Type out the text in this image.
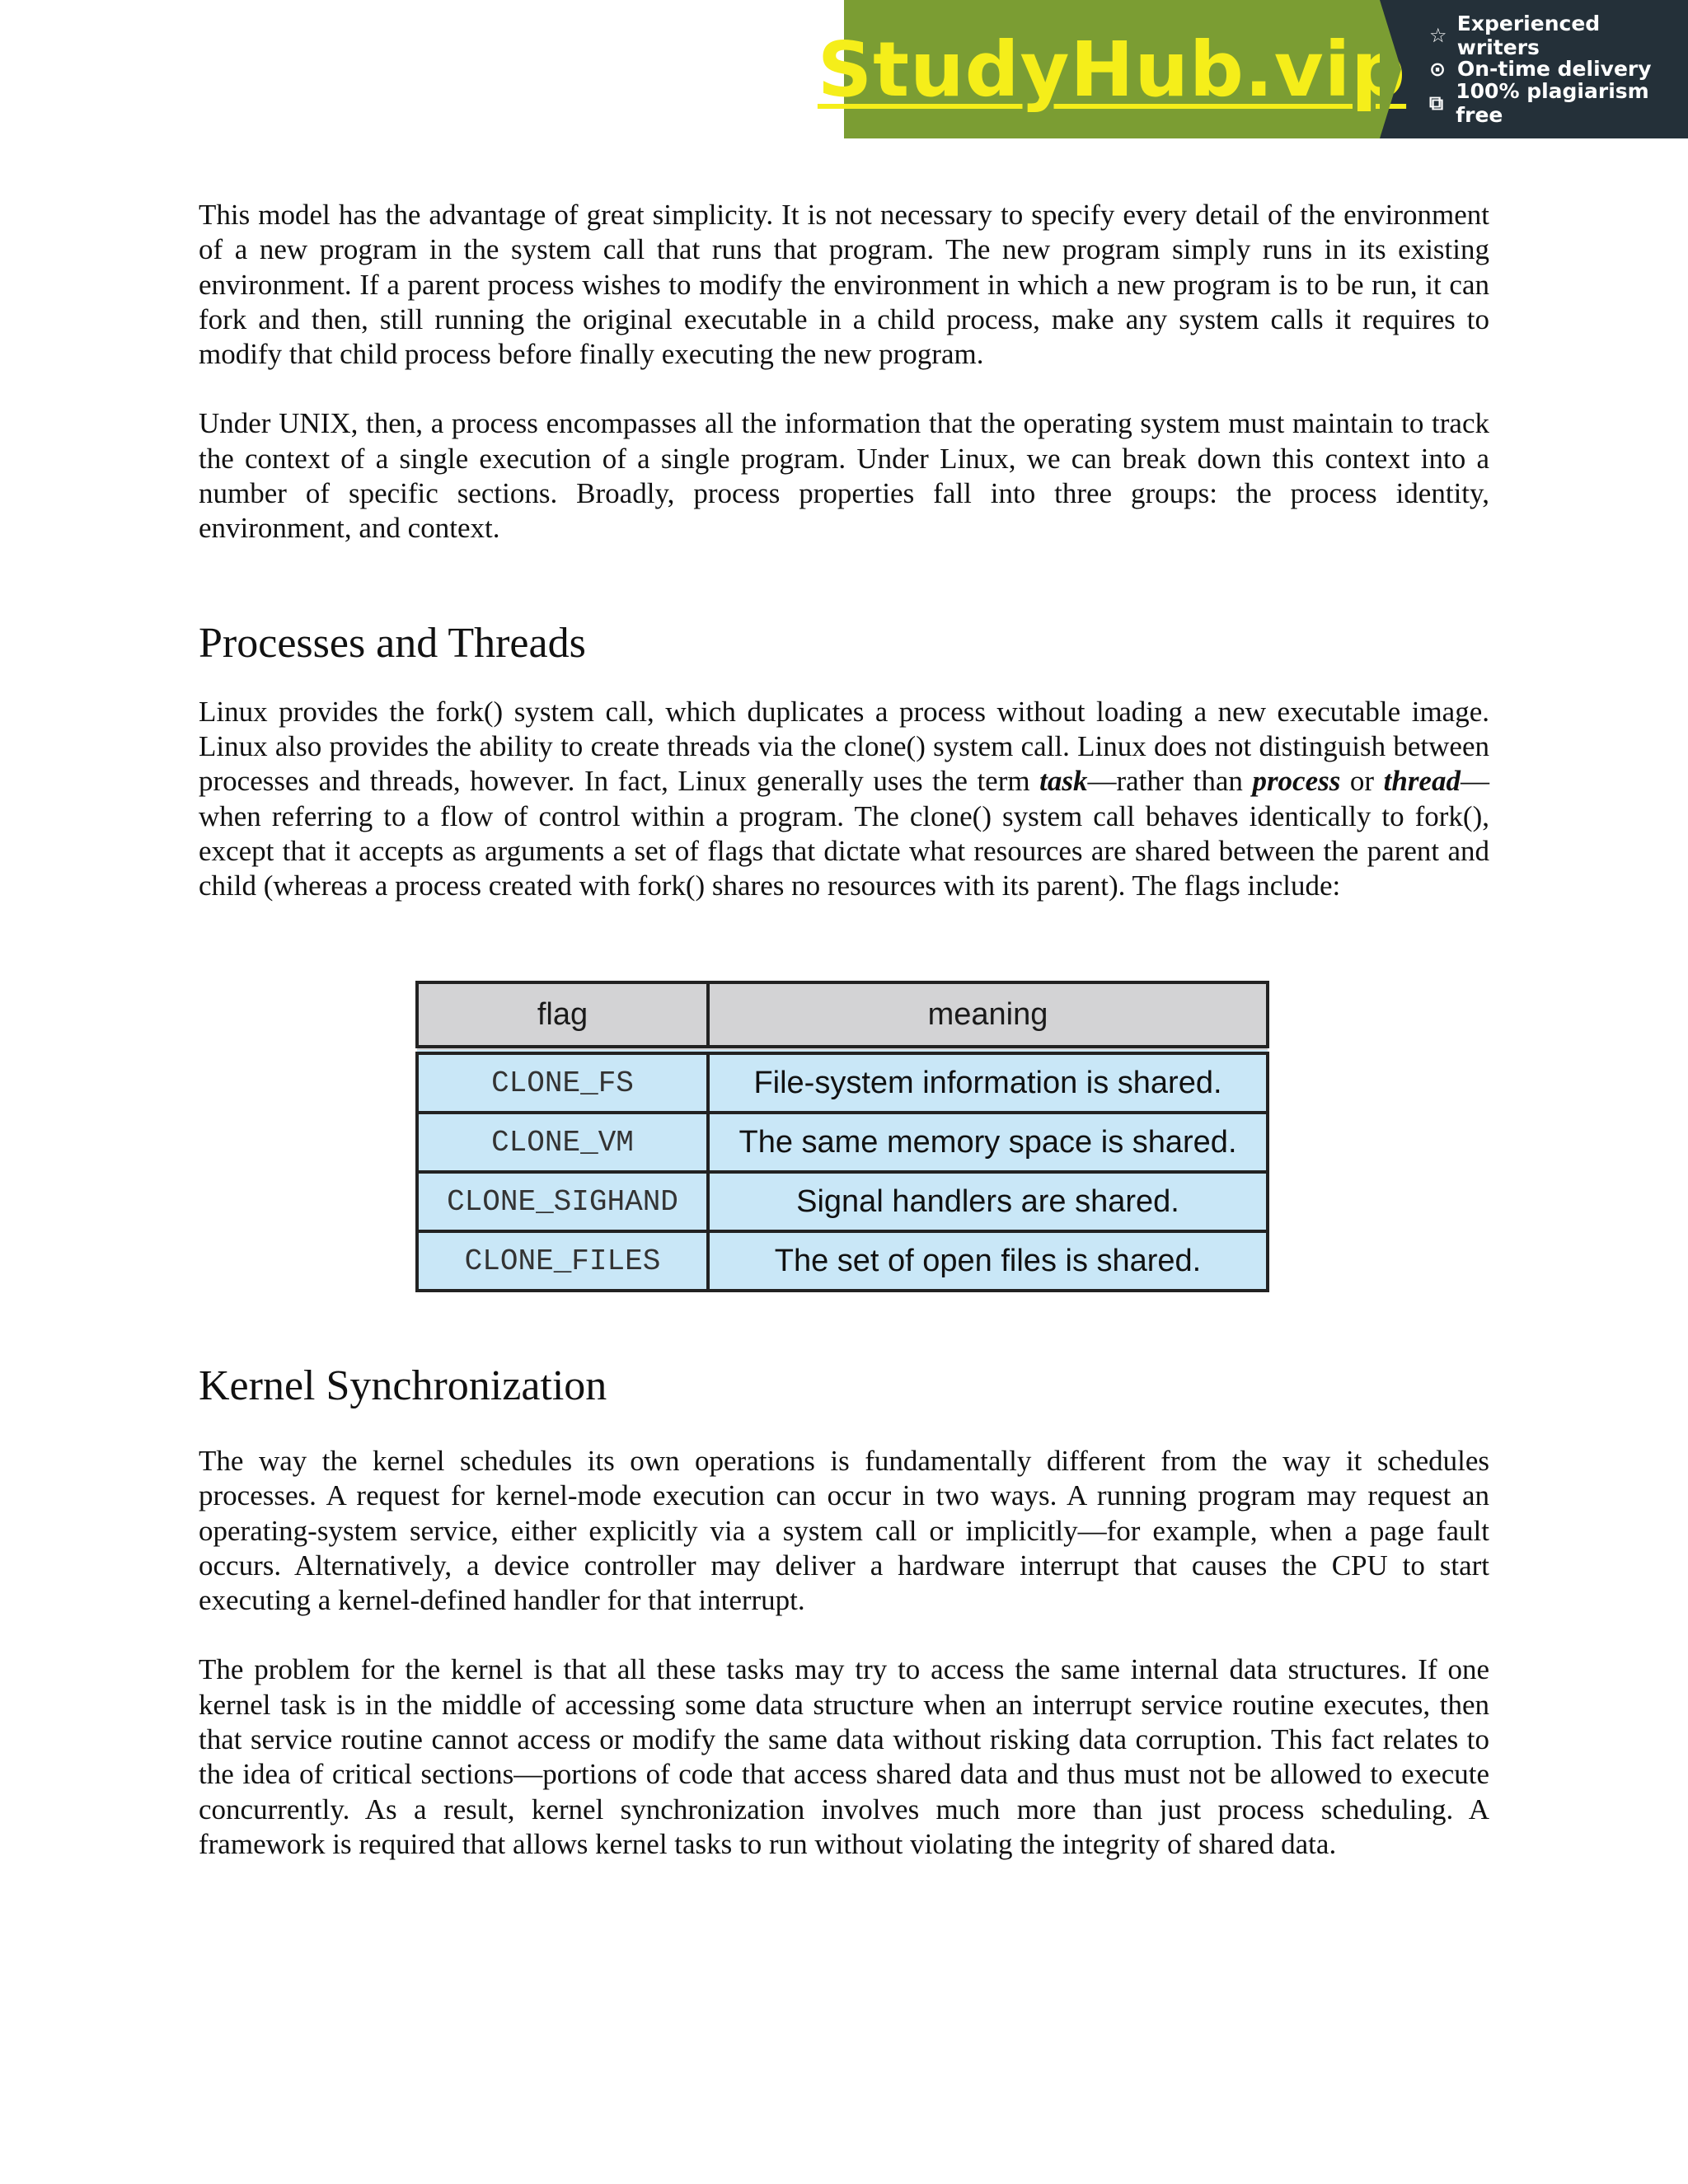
StudyHub.vip ☆ Experienced writers
⊙ On-time delivery
⧉ 100% plagiarism free

This model has the advantage of great simplicity. It is not necessary to specify every detail of the environment of a new program in the system call that runs that program. The new program simply runs in its existing environment. If a parent process wishes to modify the environment in which a new program is to be run, it can fork and then, still running the original executable in a child process, make any system calls it requires to modify that child process before finally executing the new program.

Under UNIX, then, a process encompasses all the information that the operating system must maintain to track the context of a single execution of a single program. Under Linux, we can break down this context into a number of specific sections. Broadly, process properties fall into three groups: the process identity, environment, and context.

Processes and Threads

Linux provides the fork() system call, which duplicates a process without loading a new executable image. Linux also provides the ability to create threads via the clone() system call. Linux does not distinguish between processes and threads, however. In fact, Linux generally uses the term task—rather than process or thread—when referring to a flow of control within a program. The clone() system call behaves identically to fork(), except that it accepts as arguments a set of flags that dictate what resources are shared between the parent and child (whereas a process created with fork() shares no resources with its parent). The flags include:

flag	meaning
CLONE_FS	File-system information is shared.
CLONE_VM	The same memory space is shared.
CLONE_SIGHAND	Signal handlers are shared.
CLONE_FILES	The set of open files is shared.
Kernel Synchronization

The way the kernel schedules its own operations is fundamentally different from the way it schedules processes. A request for kernel-mode execution can occur in two ways. A running program may request an operating-system service, either explicitly via a system call or implicitly—for example, when a page fault occurs. Alternatively, a device controller may deliver a hardware interrupt that causes the CPU to start executing a kernel-defined handler for that interrupt.

The problem for the kernel is that all these tasks may try to access the same internal data structures. If one kernel task is in the middle of accessing some data structure when an interrupt service routine executes, then that service routine cannot access or modify the same data without risking data corruption. This fact relates to the idea of critical sections—portions of code that access shared data and thus must not be allowed to execute concurrently. As a result, kernel synchronization involves much more than just process scheduling. A framework is required that allows kernel tasks to run without violating the integrity of shared data.
